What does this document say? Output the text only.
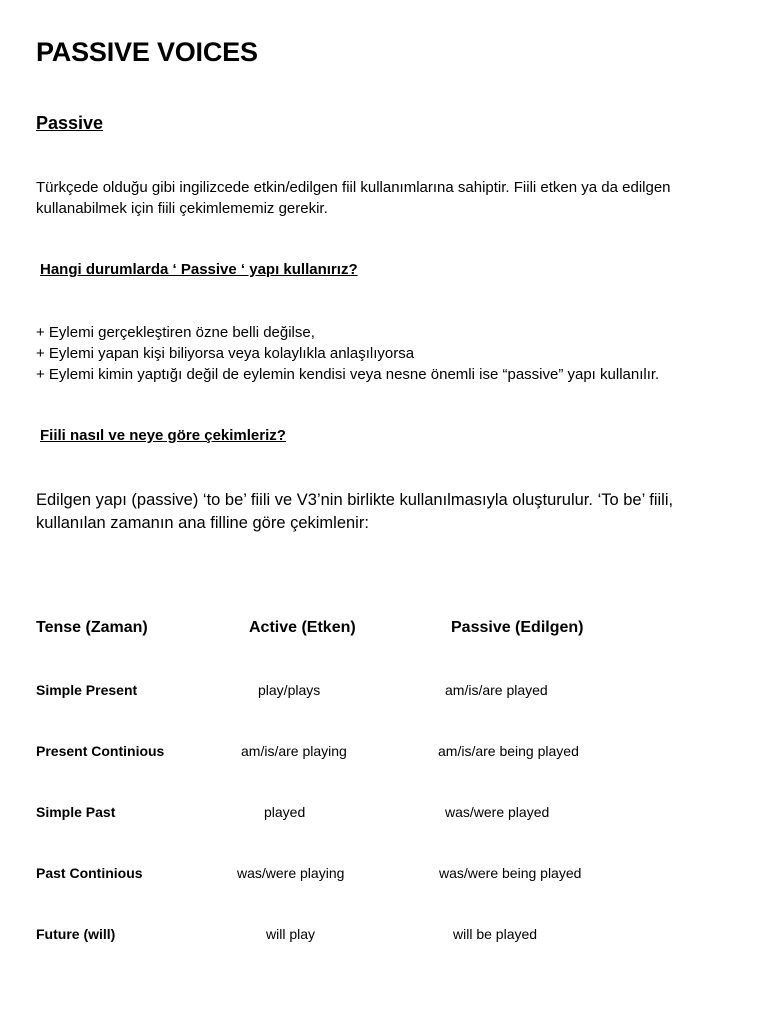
PASSIVE VOICES
Passive

Türkçede olduğu gibi ingilizcede etkin/edilgen fiil kullanımlarına sahiptir. Fiili etken ya da edilgen kullanabilmek için fiili çekimlememiz gerekir.

Hangi durumlarda ‘ Passive ‘ yapı kullanırız?
+ Eylemi gerçekleştiren özne belli değilse,
+ Eylemi yapan kişi biliyorsa veya kolaylıkla anlaşılıyorsa
+ Eylemi kimin yaptığı değil de eylemin kendisi veya nesne önemli ise “passive” yapı kullanılır.
Fiili nasıl ve neye göre çekimleriz?

Edilgen yapı (passive) ‘to be’ fiili ve V3’nin birlikte kullanılmasıyla oluşturulur. ‘To be’ fiili, kullanılan zamanın ana filline göre çekimlenir:

Tense (Zaman)	Active (Etken)	Passive (Edilgen)
Simple Present	play/plays	am/is/are played
Present Continious	am/is/are playing	am/is/are being played
Simple Past	played	was/were played
Past Continious	was/were playing	was/were being played
Future (will)	will play	will be played
